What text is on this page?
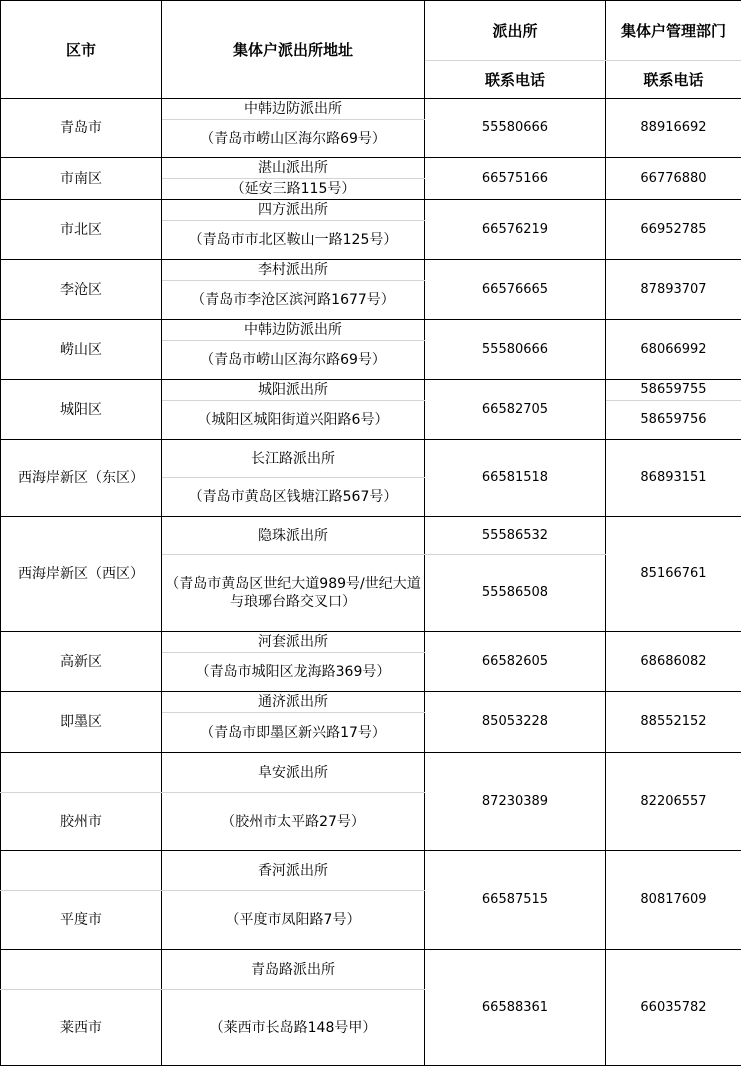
区市	集体户派出所地址	派出所	集体户管理部门
		联系电话	联系电话
青岛市	中韩边防派出所	55580666	88916692
	（青岛市崂山区海尔路69号）		
市南区	湛山派出所	66575166	66776880
	（延安三路115号）		
市北区	四方派出所	66576219	66952785
	（青岛市市北区鞍山一路125号）		
李沧区	李村派出所	66576665	87893707
	（青岛市李沧区滨河路1677号）		
崂山区	中韩边防派出所	55580666	68066992
	（青岛市崂山区海尔路69号）		
城阳区	城阳派出所	66582705	58659755
	（城阳区城阳街道兴阳路6号）		58659756
西海岸新区（东区）	长江路派出所	66581518	86893151
	（青岛市黄岛区钱塘江路567号）		
西海岸新区（西区）	隐珠派出所	55586532	85166761
	（青岛市黄岛区世纪大道989号/世纪大道与琅琊台路交叉口）	55586508	
高新区	河套派出所	66582605	68686082
	（青岛市城阳区龙海路369号）		
即墨区	通济派出所	85053228	88552152
	（青岛市即墨区新兴路17号）		
	阜安派出所	87230389	82206557
胶州市	（胶州市太平路27号）		
	香河派出所	66587515	80817609
平度市	（平度市凤阳路7号）		
	青岛路派出所	66588361	66035782
莱西市	（莱西市长岛路148号甲）		
